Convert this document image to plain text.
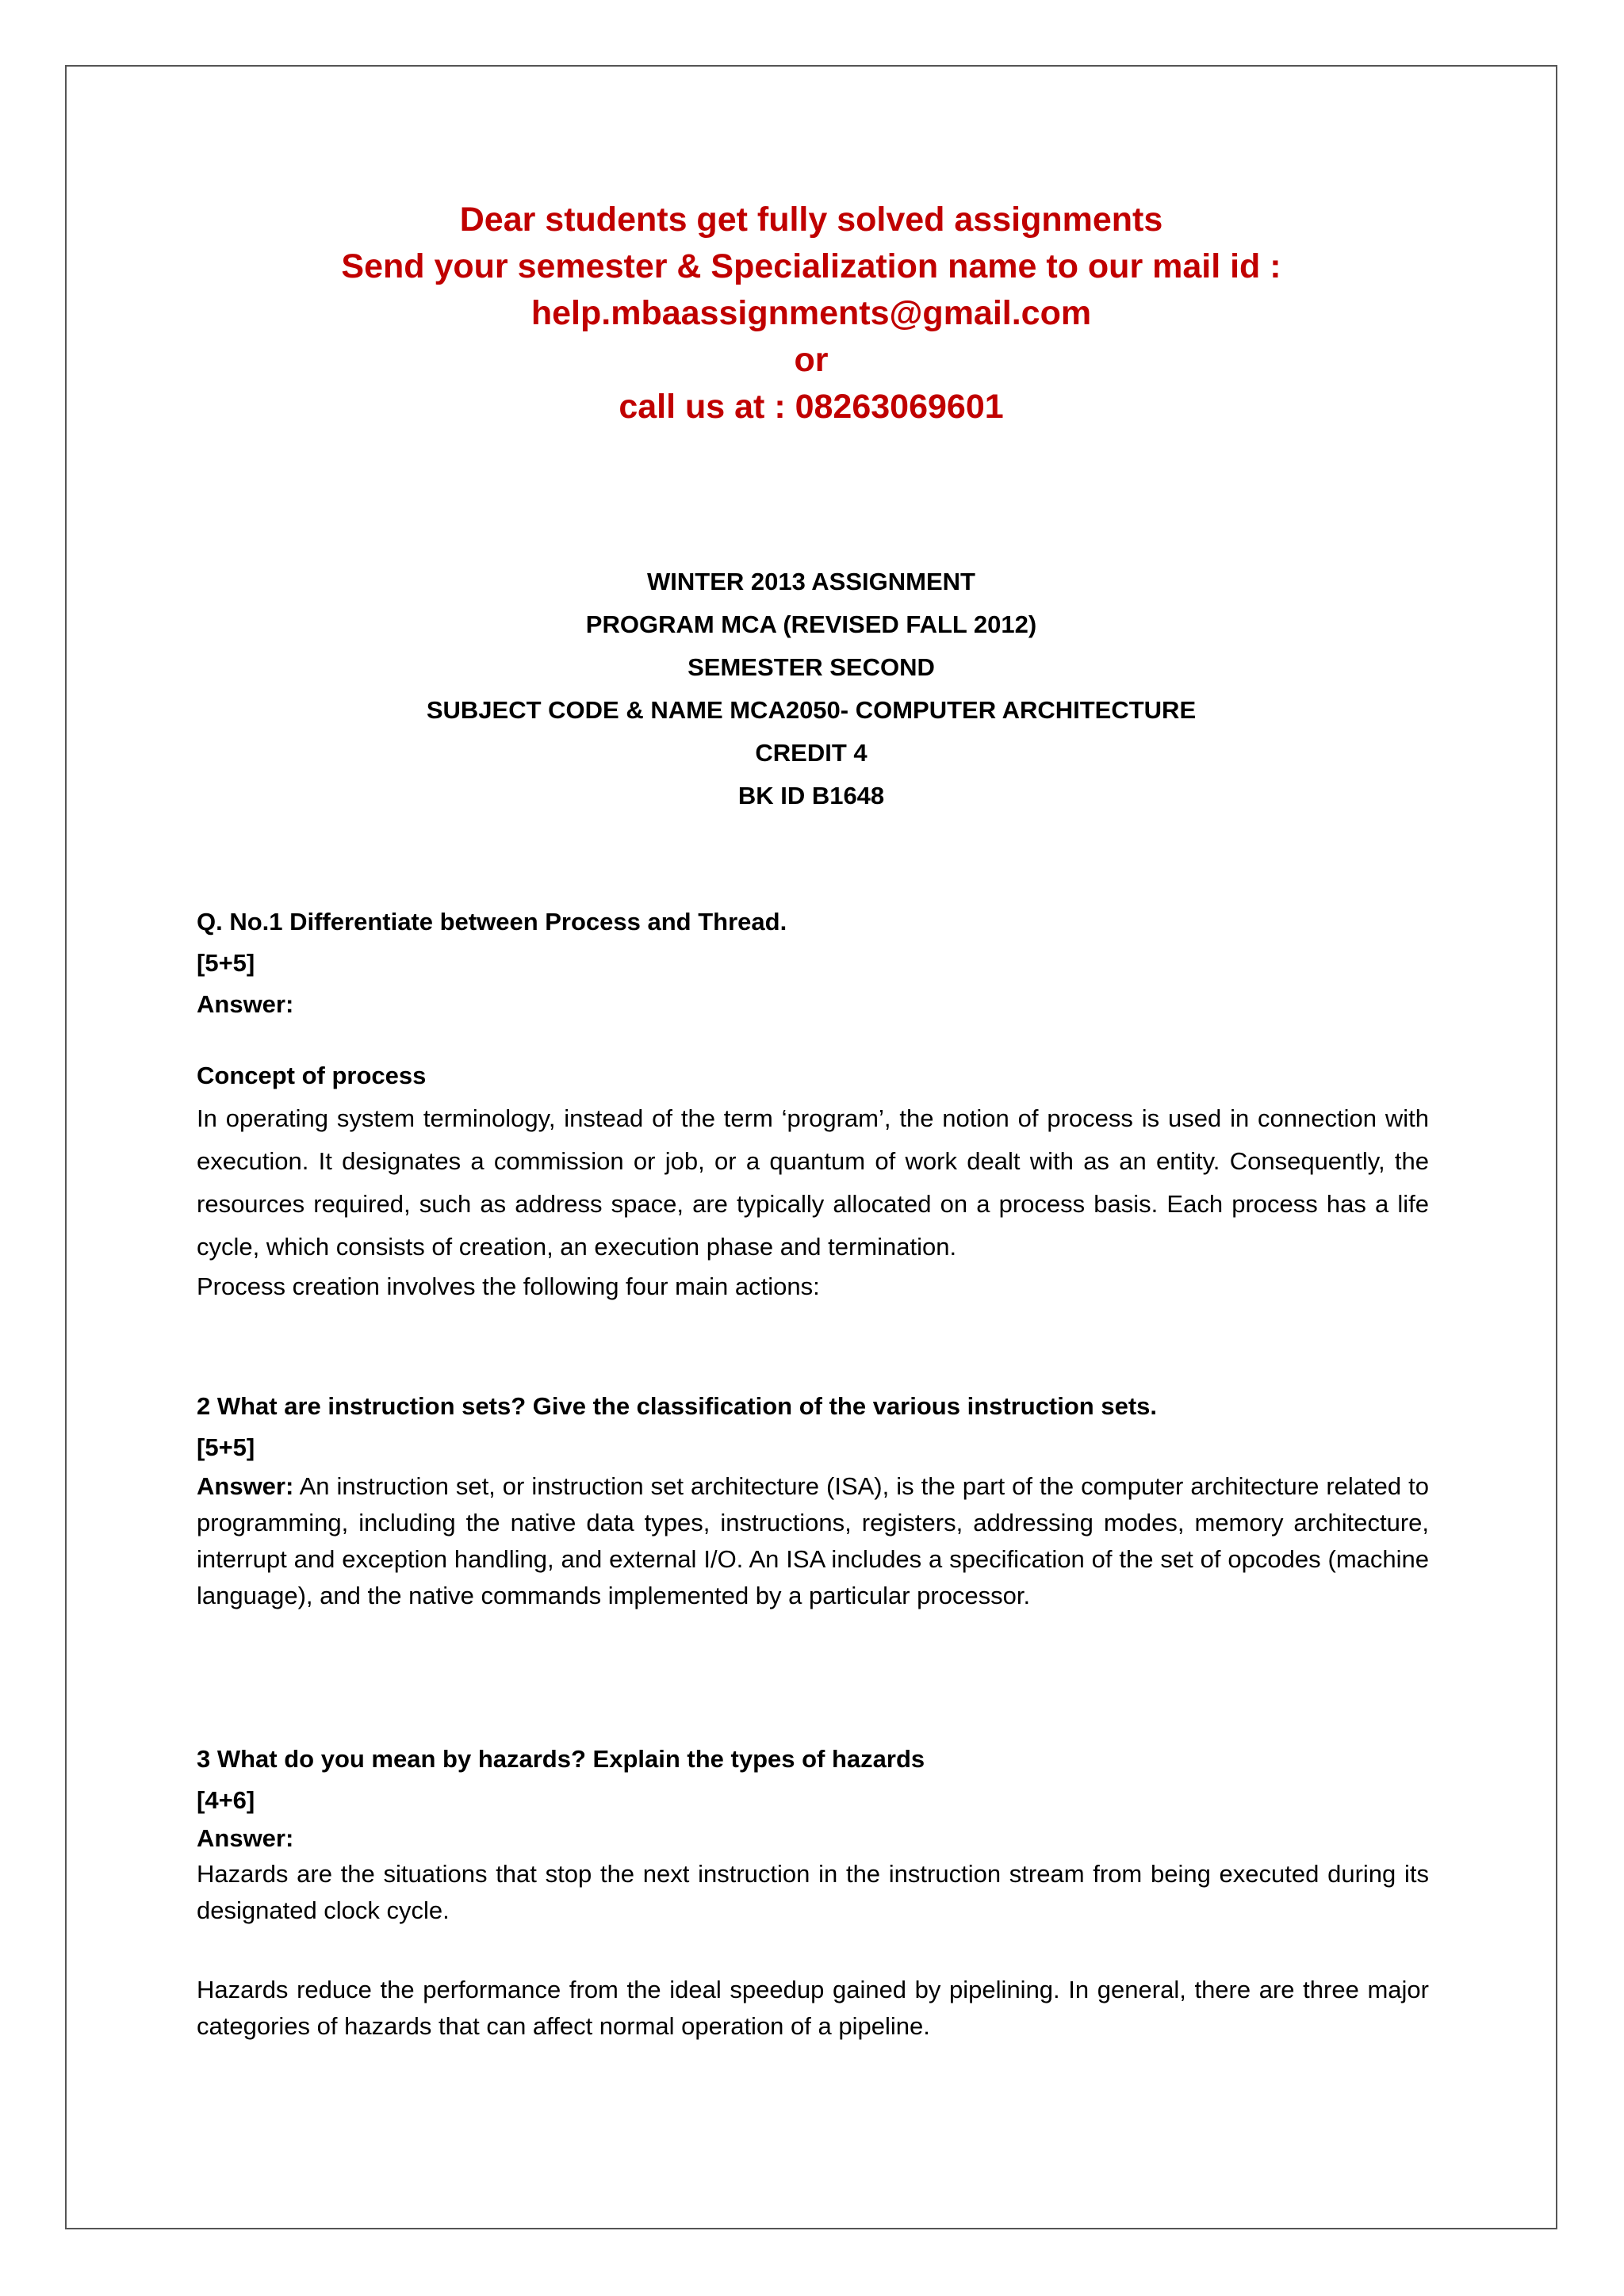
Dear students get fully solved assignments
Send your semester & Specialization name to our mail id :
help.mbaassignments@gmail.com
or
call us at : 08263069601
WINTER 2013 ASSIGNMENT
PROGRAM MCA (REVISED FALL 2012)
SEMESTER SECOND
SUBJECT CODE & NAME MCA2050- COMPUTER ARCHITECTURE
CREDIT 4
BK ID B1648
Q. No.1 Differentiate between Process and Thread.
[5+5]
Answer:
Concept of process
In operating system terminology, instead of the term ‘program’, the notion of process is used in connection with execution. It designates a commission or job, or a quantum of work dealt with as an entity. Consequently, the resources required, such as address space, are typically allocated on a process basis. Each process has a life cycle, which consists of creation, an execution phase and termination.
Process creation involves the following four main actions:
2 What are instruction sets? Give the classification of the various instruction sets.
[5+5]
Answer: An instruction set, or instruction set architecture (ISA), is the part of the computer architecture related to programming, including the native data types, instructions, registers, addressing modes, memory architecture, interrupt and exception handling, and external I/O. An ISA includes a specification of the set of opcodes (machine language), and the native commands implemented by a particular processor.
3 What do you mean by hazards? Explain the types of hazards
[4+6]
Answer:
Hazards are the situations that stop the next instruction in the instruction stream from being executed during its designated clock cycle.
Hazards reduce the performance from the ideal speedup gained by pipelining. In general, there are three major categories of hazards that can affect normal operation of a pipeline.
